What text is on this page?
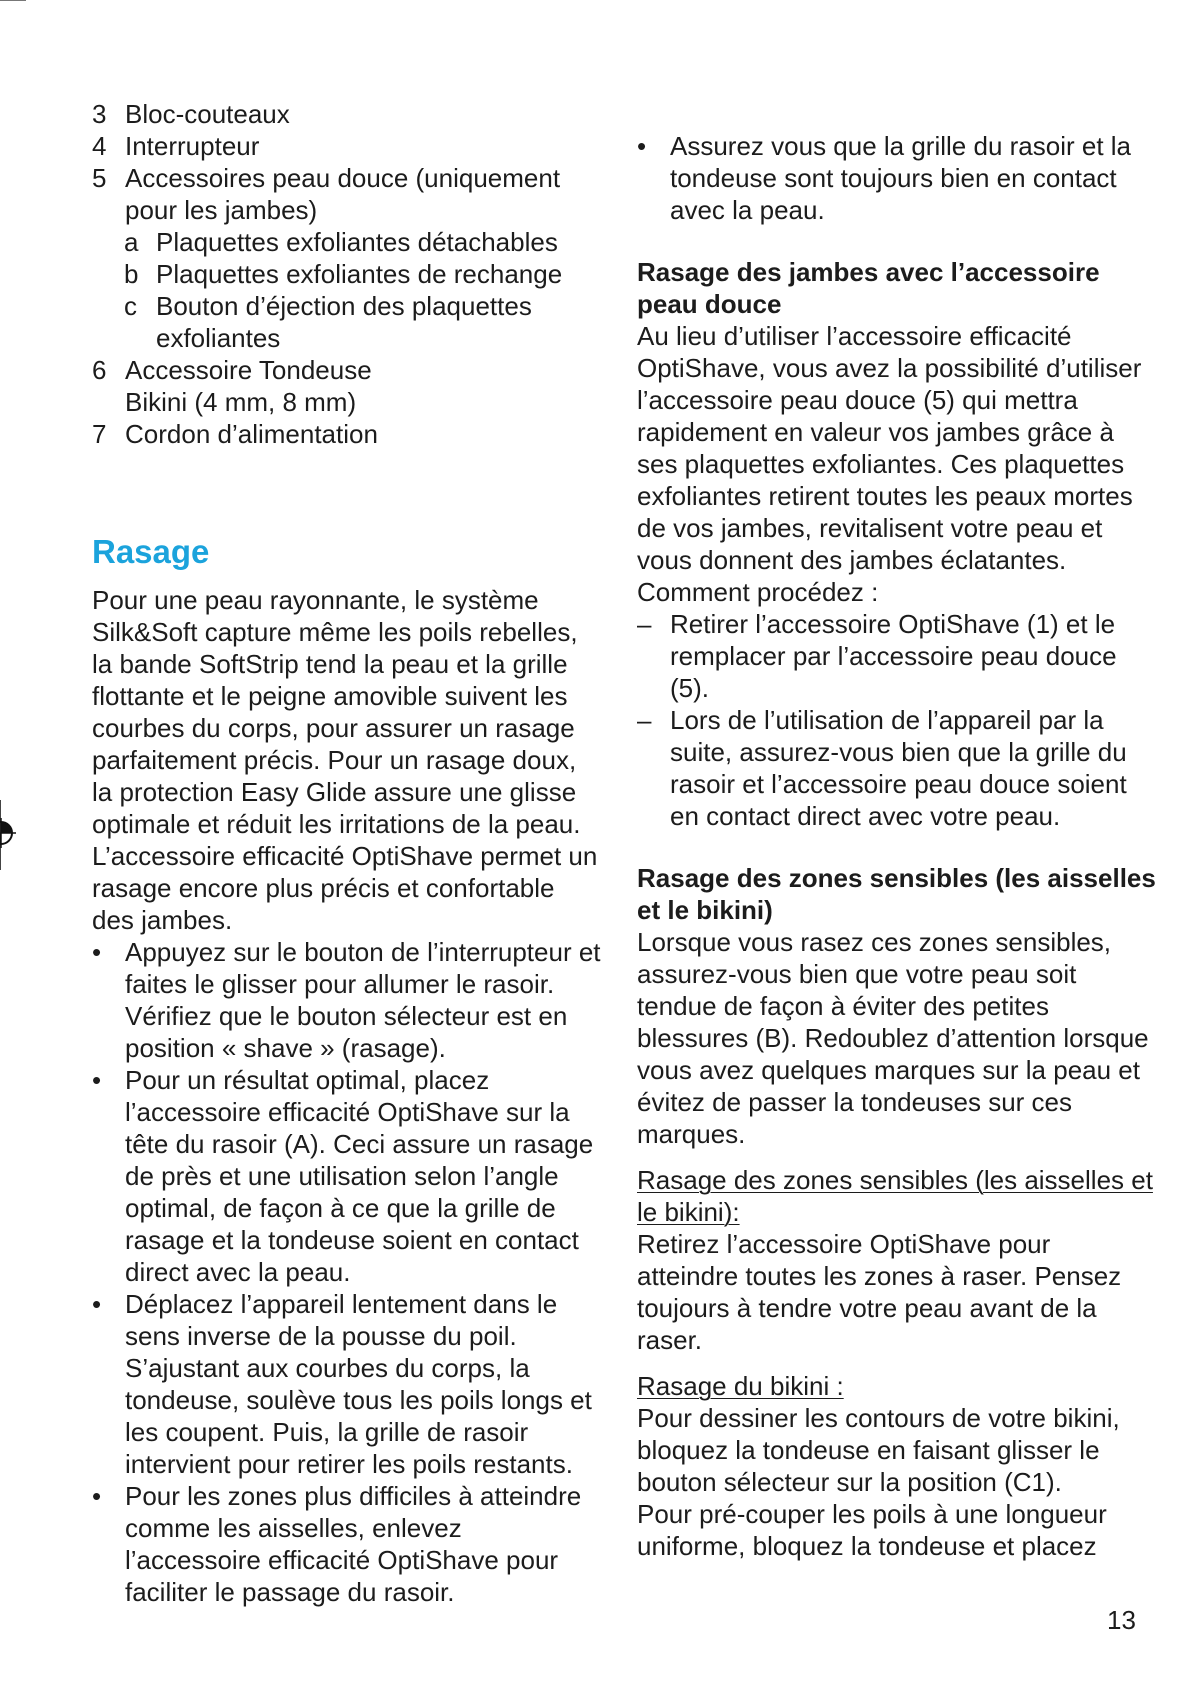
3 Bloc-couteaux
4 Interrupteur
5 Accessoires peau douce (uniquement pour les jambes)
a Plaquettes exfoliantes détachables
b Plaquettes exfoliantes de rechange
c Bouton d’éjection des plaquettes exfoliantes
6 Accessoire Tondeuse Bikini (4 mm, 8 mm)
7 Cordon d’alimentation
Rasage

Pour une peau rayonnante, le système Silk&Soft capture même les poils rebelles, la bande SoftStrip tend la peau et la grille flottante et le peigne amovible suivent les courbes du corps, pour assurer un rasage parfaitement précis. Pour un rasage doux, la protection Easy Glide assure une glisse optimale et réduit les irritations de la peau.

L’accessoire efficacité OptiShave permet un rasage encore plus précis et confortable des jambes.

• Appuyez sur le bouton de l’interrupteur et faites le glisser pour allumer le rasoir. Vérifiez que le bouton sélecteur est en position « shave » (rasage).
• Pour un résultat optimal, placez l’accessoire efficacité OptiShave sur la tête du rasoir (A). Ceci assure un rasage de près et une utilisation selon l’angle optimal, de façon à ce que la grille de rasage et la tondeuse soient en contact direct avec la peau.
• Déplacez l’appareil lentement dans le sens inverse de la pousse du poil. S’ajustant aux courbes du corps, la tondeuse, soulève tous les poils longs et les coupent. Puis, la grille de rasoir intervient pour retirer les poils restants.
• Pour les zones plus difficiles à atteindre comme les aisselles, enlevez l’accessoire efficacité OptiShave pour faciliter le passage du rasoir.
• Assurez vous que la grille du rasoir et la tondeuse sont toujours bien en contact avec la peau.

Rasage des jambes avec l’accessoire peau douce

Au lieu d’utiliser l’accessoire efficacité OptiShave, vous avez la possibilité d’utiliser l’accessoire peau douce (5) qui mettra rapidement en valeur vos jambes grâce à ses plaquettes exfoliantes. Ces plaquettes exfoliantes retirent toutes les peaux mortes de vos jambes, revitalisent votre peau et vous donnent des jambes éclatantes.

Comment procédez :

– Retirer l’accessoire OptiShave (1) et le remplacer par l’accessoire peau douce (5).
– Lors de l’utilisation de l’appareil par la suite, assurez-vous bien que la grille du rasoir et l’accessoire peau douce soient en contact direct avec votre peau.

Rasage des zones sensibles (les aisselles et le bikini)

Lorsque vous rasez ces zones sensibles, assurez-vous bien que votre peau soit tendue de façon à éviter des petites blessures (B). Redoublez d’attention lorsque vous avez quelques marques sur la peau et évitez de passer la tondeuses sur ces marques.

Rasage des zones sensibles (les aisselles et le bikini):

Retirez l’accessoire OptiShave pour atteindre toutes les zones à raser. Pensez toujours à tendre votre peau avant de la raser.

Rasage du bikini :

Pour dessiner les contours de votre bikini, bloquez la tondeuse en faisant glisser le bouton sélecteur sur la position (C1).

Pour pré-couper les poils à une longueur uniforme, bloquez la tondeuse et placez

13
